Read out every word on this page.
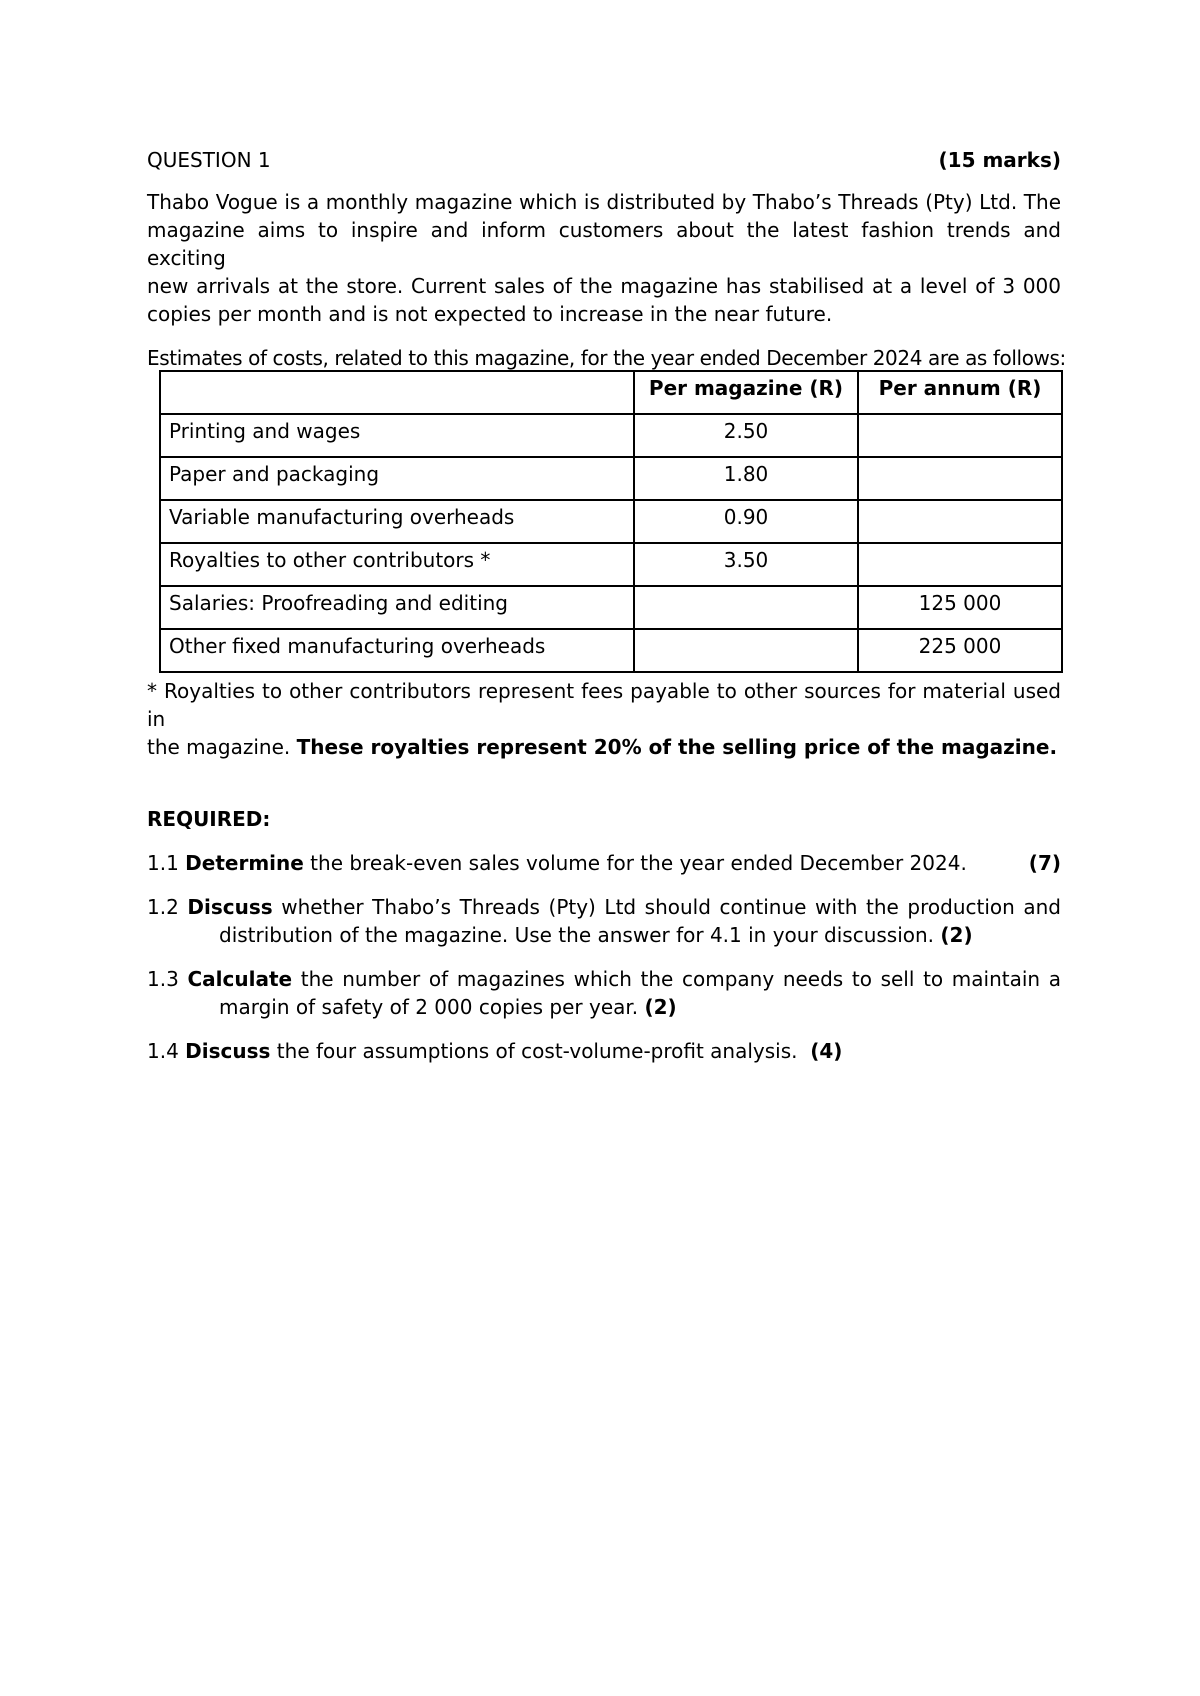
QUESTION 1	(15 marks)
Thabo Vogue is a monthly magazine which is distributed by Thabo’s Threads (Pty) Ltd. The
magazine aims to inspire and inform customers about the latest fashion trends and exciting
new arrivals at the store. Current sales of the magazine has stabilised at a level of 3 000
copies per month and is not expected to increase in the near future.
Estimates of costs, related to this magazine, for the year ended December 2024 are as follows:
	Per magazine (R)	Per annum (R)
Printing and wages	2.50	
Paper and packaging	1.80	
Variable manufacturing overheads	0.90	
Royalties to other contributors *	3.50	
Salaries: Proofreading and editing		125 000
Other fixed manufacturing overheads		225 000
* Royalties to other contributors represent fees payable to other sources for material used in
the magazine. These royalties represent 20% of the selling price of the magazine.
REQUIRED:
1.1 Determine the break-even sales volume for the year ended December 2024.	(7)
1.2 Discuss whether Thabo’s Threads (Pty) Ltd should continue with the production and
distribution of the magazine. Use the answer for 4.1 in your discussion. (2)
1.3 Calculate the number of magazines which the company needs to sell to maintain a
margin of safety of 2 000 copies per year. (2)
1.4 Discuss the four assumptions of cost-volume-profit analysis.  (4)
